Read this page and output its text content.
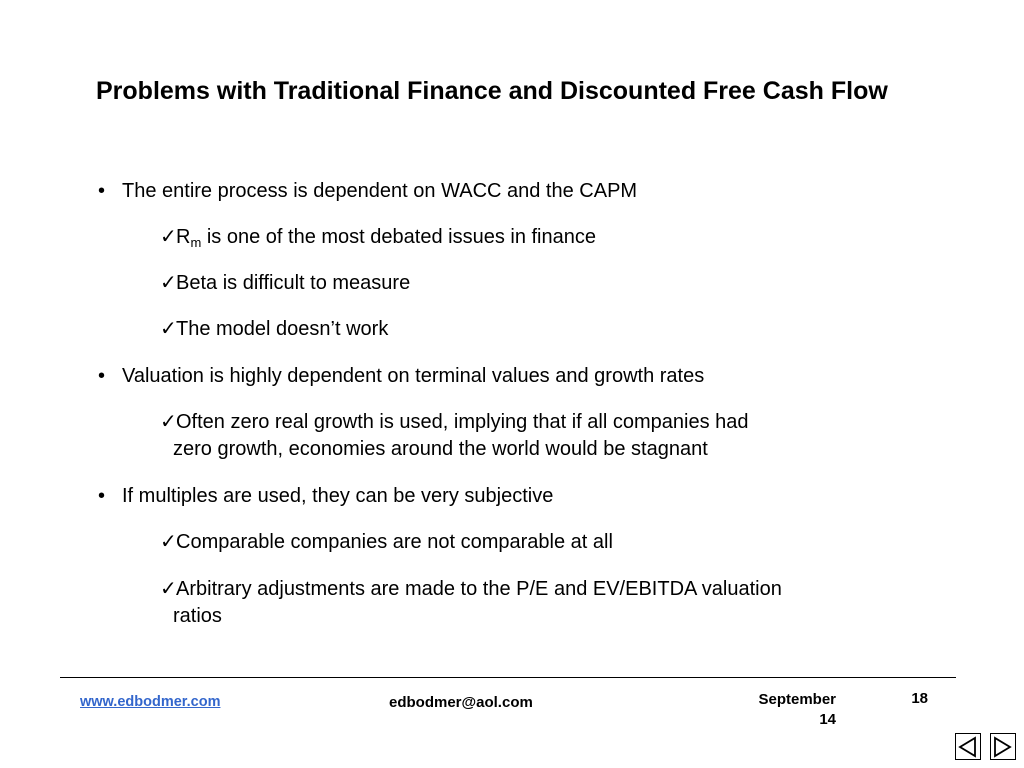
Problems with Traditional Finance and Discounted Free Cash Flow
• The entire process is dependent on WACC and the CAPM
✓ $R_m$ is one of the most debated issues in finance
✓ Beta is difficult to measure
✓ The model doesn’t work
• Valuation is highly dependent on terminal values and growth rates
✓ Often zero real growth is used, implying that if all companies had
zero growth, economies around the world would be stagnant
• If multiples are used, they can be very subjective
✓ Comparable companies are not comparable at all
✓ Arbitrary adjustments are made to the P/E and EV/EBITDA valuation
ratios
www.edbodmer.com	edbodmer@aol.com	September
14
18
